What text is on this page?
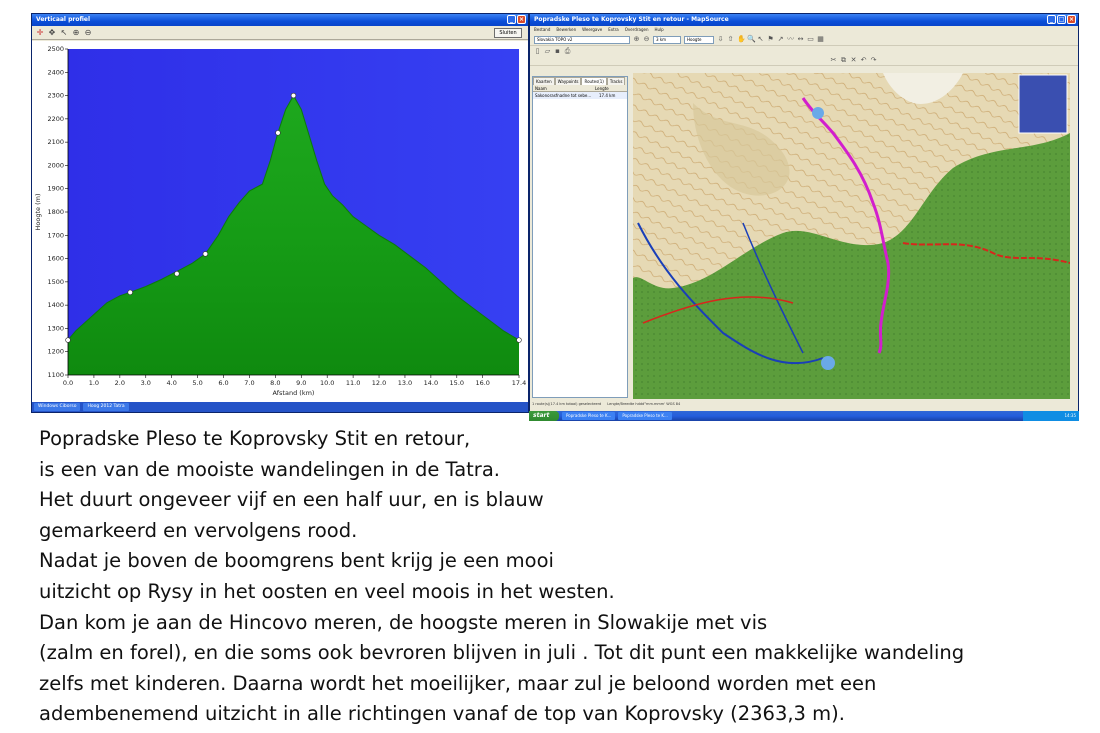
Verticaal profiel	_ ×
✛ ✥ ↖ ⊕ ⊖	Sluiten
1100
1200
1300
1400
1500
1600
1700
1800
1900
2000
2100
2200
2300
2400
2500
0.0 1.0 2.0 3.0 4.0 5.0 6.0 7.0 8.0 9.0 10.0 11.0 12.0 13.0 14.0 15.0 16.0	17.4
Afstand (km)
Hoogte (m)
Windows Ciborso	Hoog 2012 Tatra
Popradske Pleso te Koprovsky Stit en retour - MapSource	_ □ ×
Bestand Bewerken Weergave Extra Overdragen Hulp
Slovakia TOPO v2	⊕ ⊖	3 km	Hoogte	⇩ ⇧ ✋ 🔍 ↖ ⚑ ↗ 〰 ↔ ▭ ▦
▯ ▱ ▪ ⎙
✂ ⧉ ✕ ↶ ↷
Kaarten	Waypoints	Routes(1)	Tracks
Naam	Lengte
Sakonorasfnadne tot sebe...	17.4 km
1 route(s)(17.4 km totaal) geselecteerd Lengte/Breedte hddd°mm.mmm' WGS 84
start	Popradske Pleso te K...	Popradske Pleso te K...	14:35

Popradske Pleso te Koprovsky Stit en retour,

is een van de mooiste wandelingen in de Tatra.

Het duurt ongeveer vijf en een half uur, en is blauw

gemarkeerd en vervolgens rood.

Nadat je boven de boomgrens bent krijg je een mooi

uitzicht op Rysy in het oosten en veel moois in het westen.

Dan kom je aan de Hincovo meren, de hoogste meren in Slowakije met vis

(zalm en forel), en die soms ook bevroren blijven in juli . Tot dit punt een makkelijke wandeling

zelfs met kinderen. Daarna wordt het moeilijker, maar zul je beloond worden met een

adembenemend uitzicht in alle richtingen vanaf de top van Koprovsky (2363,3 m).
